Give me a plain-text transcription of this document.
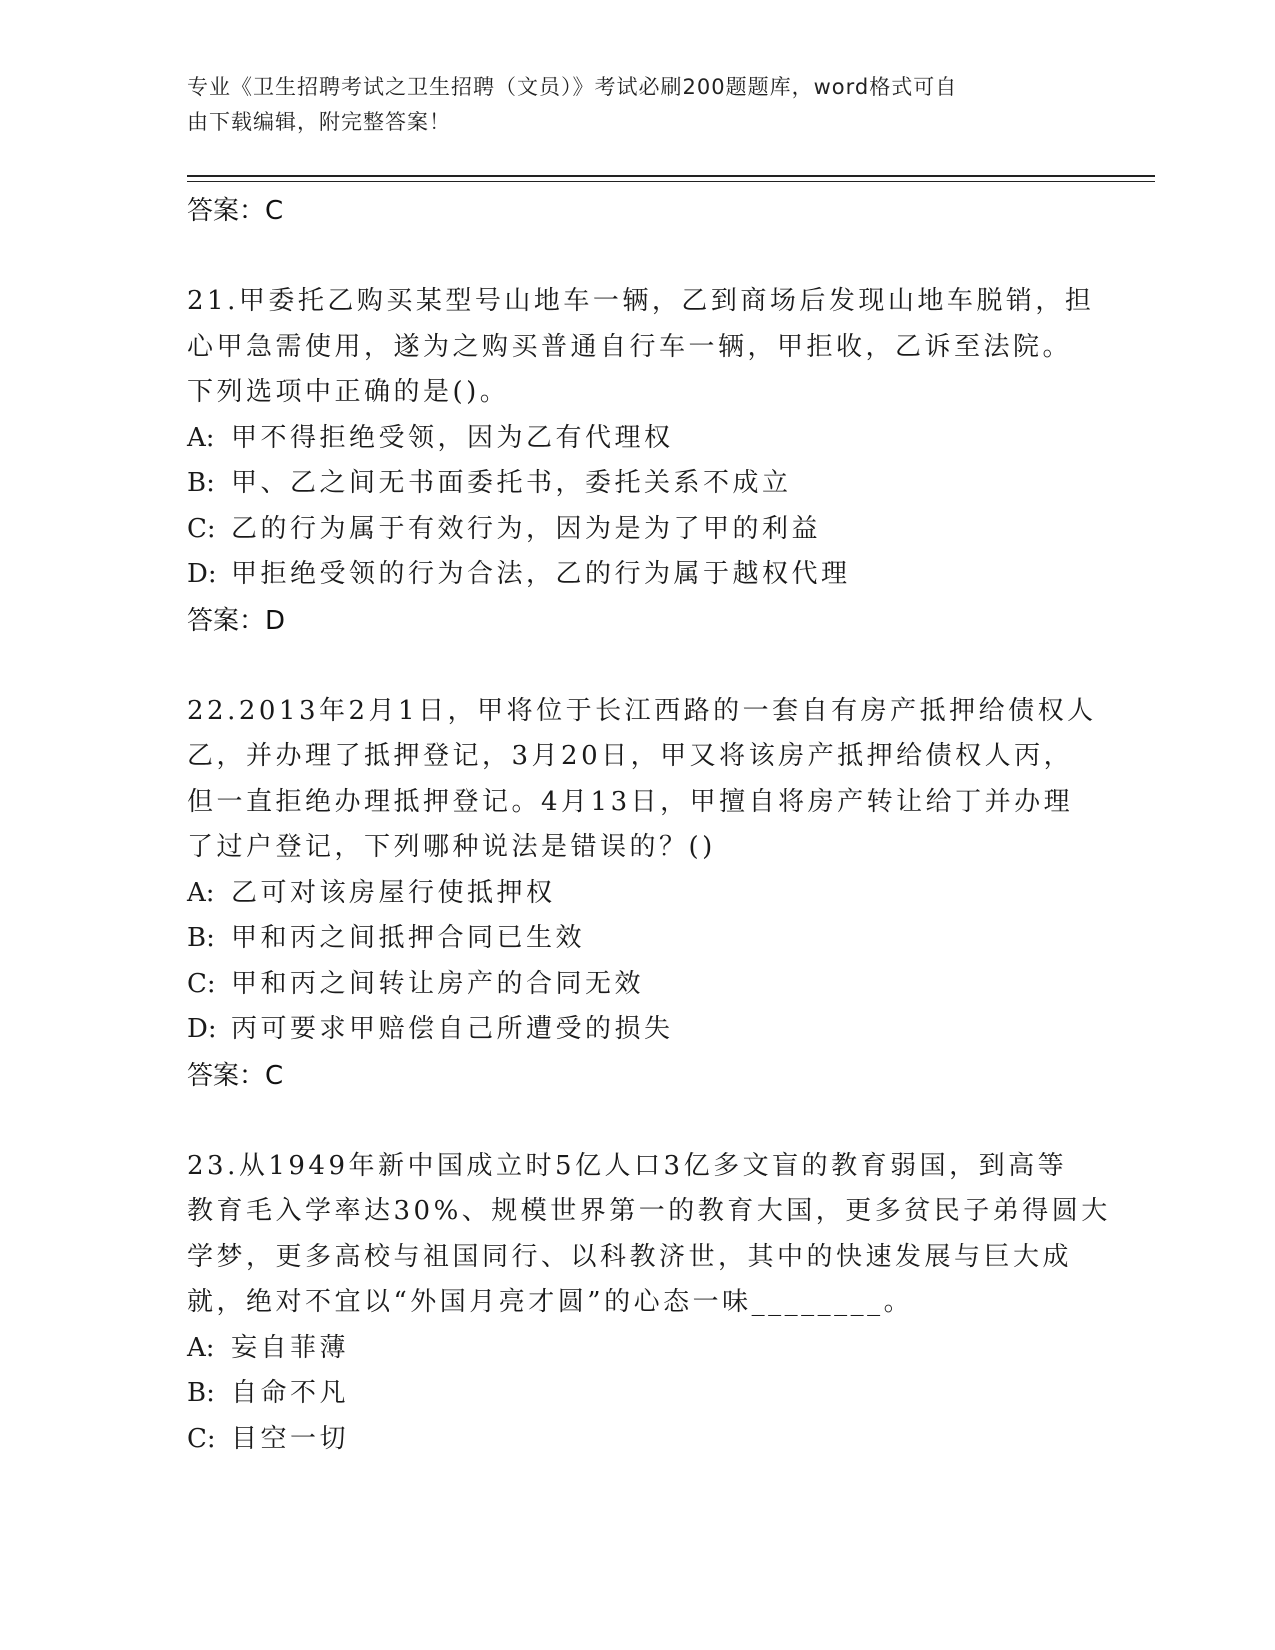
专业《卫生招聘考试之卫生招聘（文员）》考试必刷200题题库，word格式可自
由下载编辑，附完整答案！
答案：C
21.甲委托乙购买某型号山地车一辆，乙到商场后发现山地车脱销，担
心甲急需使用，遂为之购买普通自行车一辆，甲拒收，乙诉至法院。
下列选项中正确的是()。
A: 甲不得拒绝受领，因为乙有代理权
B: 甲、乙之间无书面委托书，委托关系不成立
C: 乙的行为属于有效行为，因为是为了甲的利益
D: 甲拒绝受领的行为合法，乙的行为属于越权代理
答案：D
22.2013年2月1日，甲将位于长江西路的一套自有房产抵押给债权人
乙，并办理了抵押登记，3月20日，甲又将该房产抵押给债权人丙，
但一直拒绝办理抵押登记。4月13日，甲擅自将房产转让给丁并办理
了过户登记，下列哪种说法是错误的？()
A: 乙可对该房屋行使抵押权
B: 甲和丙之间抵押合同已生效
C: 甲和丙之间转让房产的合同无效
D: 丙可要求甲赔偿自己所遭受的损失
答案：C
23.从1949年新中国成立时5亿人口3亿多文盲的教育弱国，到高等
教育毛入学率达30%、规模世界第一的教育大国，更多贫民子弟得圆大
学梦，更多高校与祖国同行、以科教济世，其中的快速发展与巨大成
就，绝对不宜以“外国月亮才圆”的心态一味________。
A: 妄自菲薄
B: 自命不凡
C: 目空一切
